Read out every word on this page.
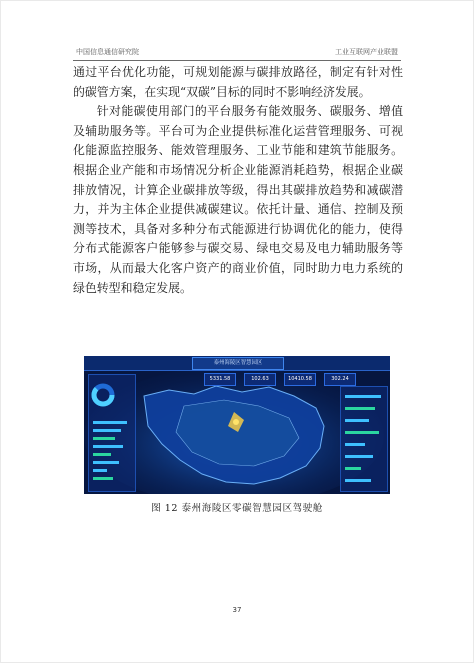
中国信息通信研究院	工业互联网产业联盟

通过平台优化功能，可规划能源与碳排放路径，制定有针对性的碳管方案，在实现“双碳”目标的同时不影响经济发展。

针对能碳使用部门的平台服务有能效服务、碳服务、增值及辅助服务等。平台可为企业提供标准化运营管理服务、可视化能源监控服务、能效管理服务、工业节能和建筑节能服务。根据企业产能和市场情况分析企业能源消耗趋势，根据企业碳排放情况，计算企业碳排放等级，得出其碳排放趋势和减碳潜力，并为主体企业提供减碳建议。依托计量、通信、控制及预测等技术，具备对多种分布式能源进行协调优化的能力，使得分布式能源客户能够参与碳交易、绿电交易及电力辅助服务等市场，从而最大化客户资产的商业价值，同时助力电力系统的绿色转型和稳定发展。

泰州海陵区智慧园区
5331.58	102.63	10410.58	302.24
图 12 泰州海陵区零碳智慧园区驾驶舱
37
